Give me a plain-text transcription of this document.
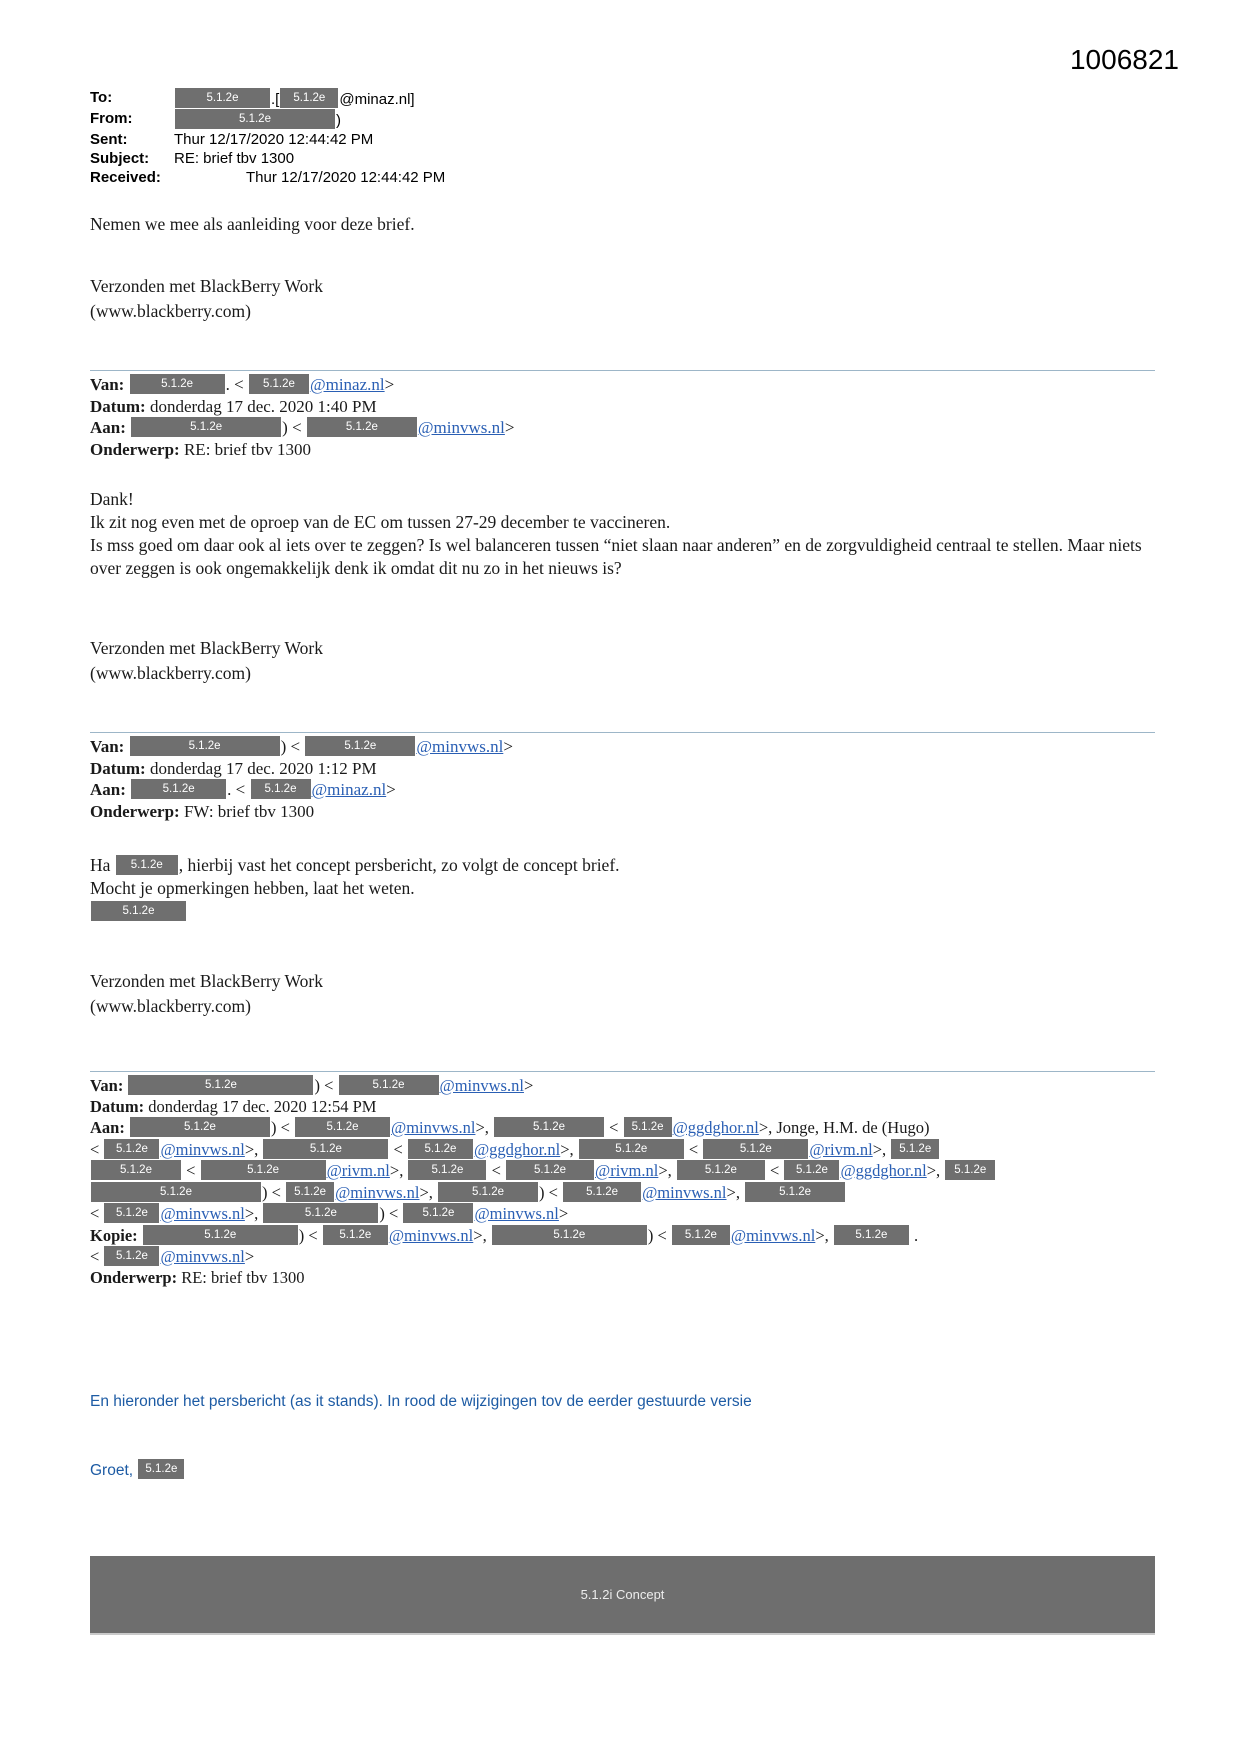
1006821
To:	5.1.2e .[ 5.1.2e @minaz.nl]
From:	5.1.2e	)
Sent:	Thur 12/17/2020 12:44:42 PM
Subject:	RE: brief tbv 1300
Received:	Thur 12/17/2020 12:44:42 PM
Nemen we mee als aanleiding voor deze brief.
Verzonden met BlackBerry Work
(www.blackberry.com)
Van:	5.1.2e . < 5.1.2e @minaz.nl>
Datum: donderdag 17 dec. 2020 1:40 PM
Aan:	5.1.2e	) <	5.1.2e @minvws.nl>
Onderwerp: RE: brief tbv 1300
Dank!
Ik zit nog even met de oproep van de EC om tussen 27-29 december te vaccineren.
Is mss goed om daar ook al iets over te zeggen? Is wel balanceren tussen “niet slaan naar anderen” en de zorgvuldigheid centraal te stellen. Maar niets over zeggen is ook ongemakkelijk denk ik omdat dit nu zo in het nieuws is?
Verzonden met BlackBerry Work
(www.blackberry.com)
Van:	5.1.2e	) <	5.1.2e @minvws.nl>
Datum: donderdag 17 dec. 2020 1:12 PM
Aan:	5.1.2e . < 5.1.2e @minaz.nl>
Onderwerp: FW: brief tbv 1300
Ha 5.1.2e , hierbij vast het concept persbericht, zo volgt de concept brief.
Mocht je opmerkingen hebben, laat het weten.
5.1.2e
Verzonden met BlackBerry Work
(www.blackberry.com)
Van:	5.1.2e	) <	5.1.2e @minvws.nl>
Datum: donderdag 17 dec. 2020 12:54 PM
Aan:	5.1.2e	) <	5.1.2e @minvws.nl>,	5.1.2e < 5.1.2e @ggdghor.nl>, Jonge, H.M. de (Hugo)
< 5.1.2e @minvws.nl>,	5.1.2e	< 5.1.2e @ggdghor.nl>,	5.1.2e <	5.1.2e @rivm.nl>, 5.1.2e
5.1.2e <	5.1.2e	@rivm.nl>, 5.1.2e <	5.1.2e @rivm.nl>,	5.1.2e < 5.1.2e @ggdghor.nl>, 5.1.2e
5.1.2e	) < 5.1.2e @minvws.nl>,	5.1.2e ) < 5.1.2e @minvws.nl>,	5.1.2e
< 5.1.2e @minvws.nl>,	5.1.2e	) < 5.1.2e @minvws.nl>
Kopie:	5.1.2e	) < 5.1.2e @minvws.nl>,	5.1.2e	) < 5.1.2e @minvws.nl>, 5.1.2e .
< 5.1.2e @minvws.nl>
Onderwerp: RE: brief tbv 1300

En hieronder het persbericht (as it stands). In rood de wijzigingen tov de eerder gestuurde versie

Groet, 5.1.2e

5.1.2i Concept
